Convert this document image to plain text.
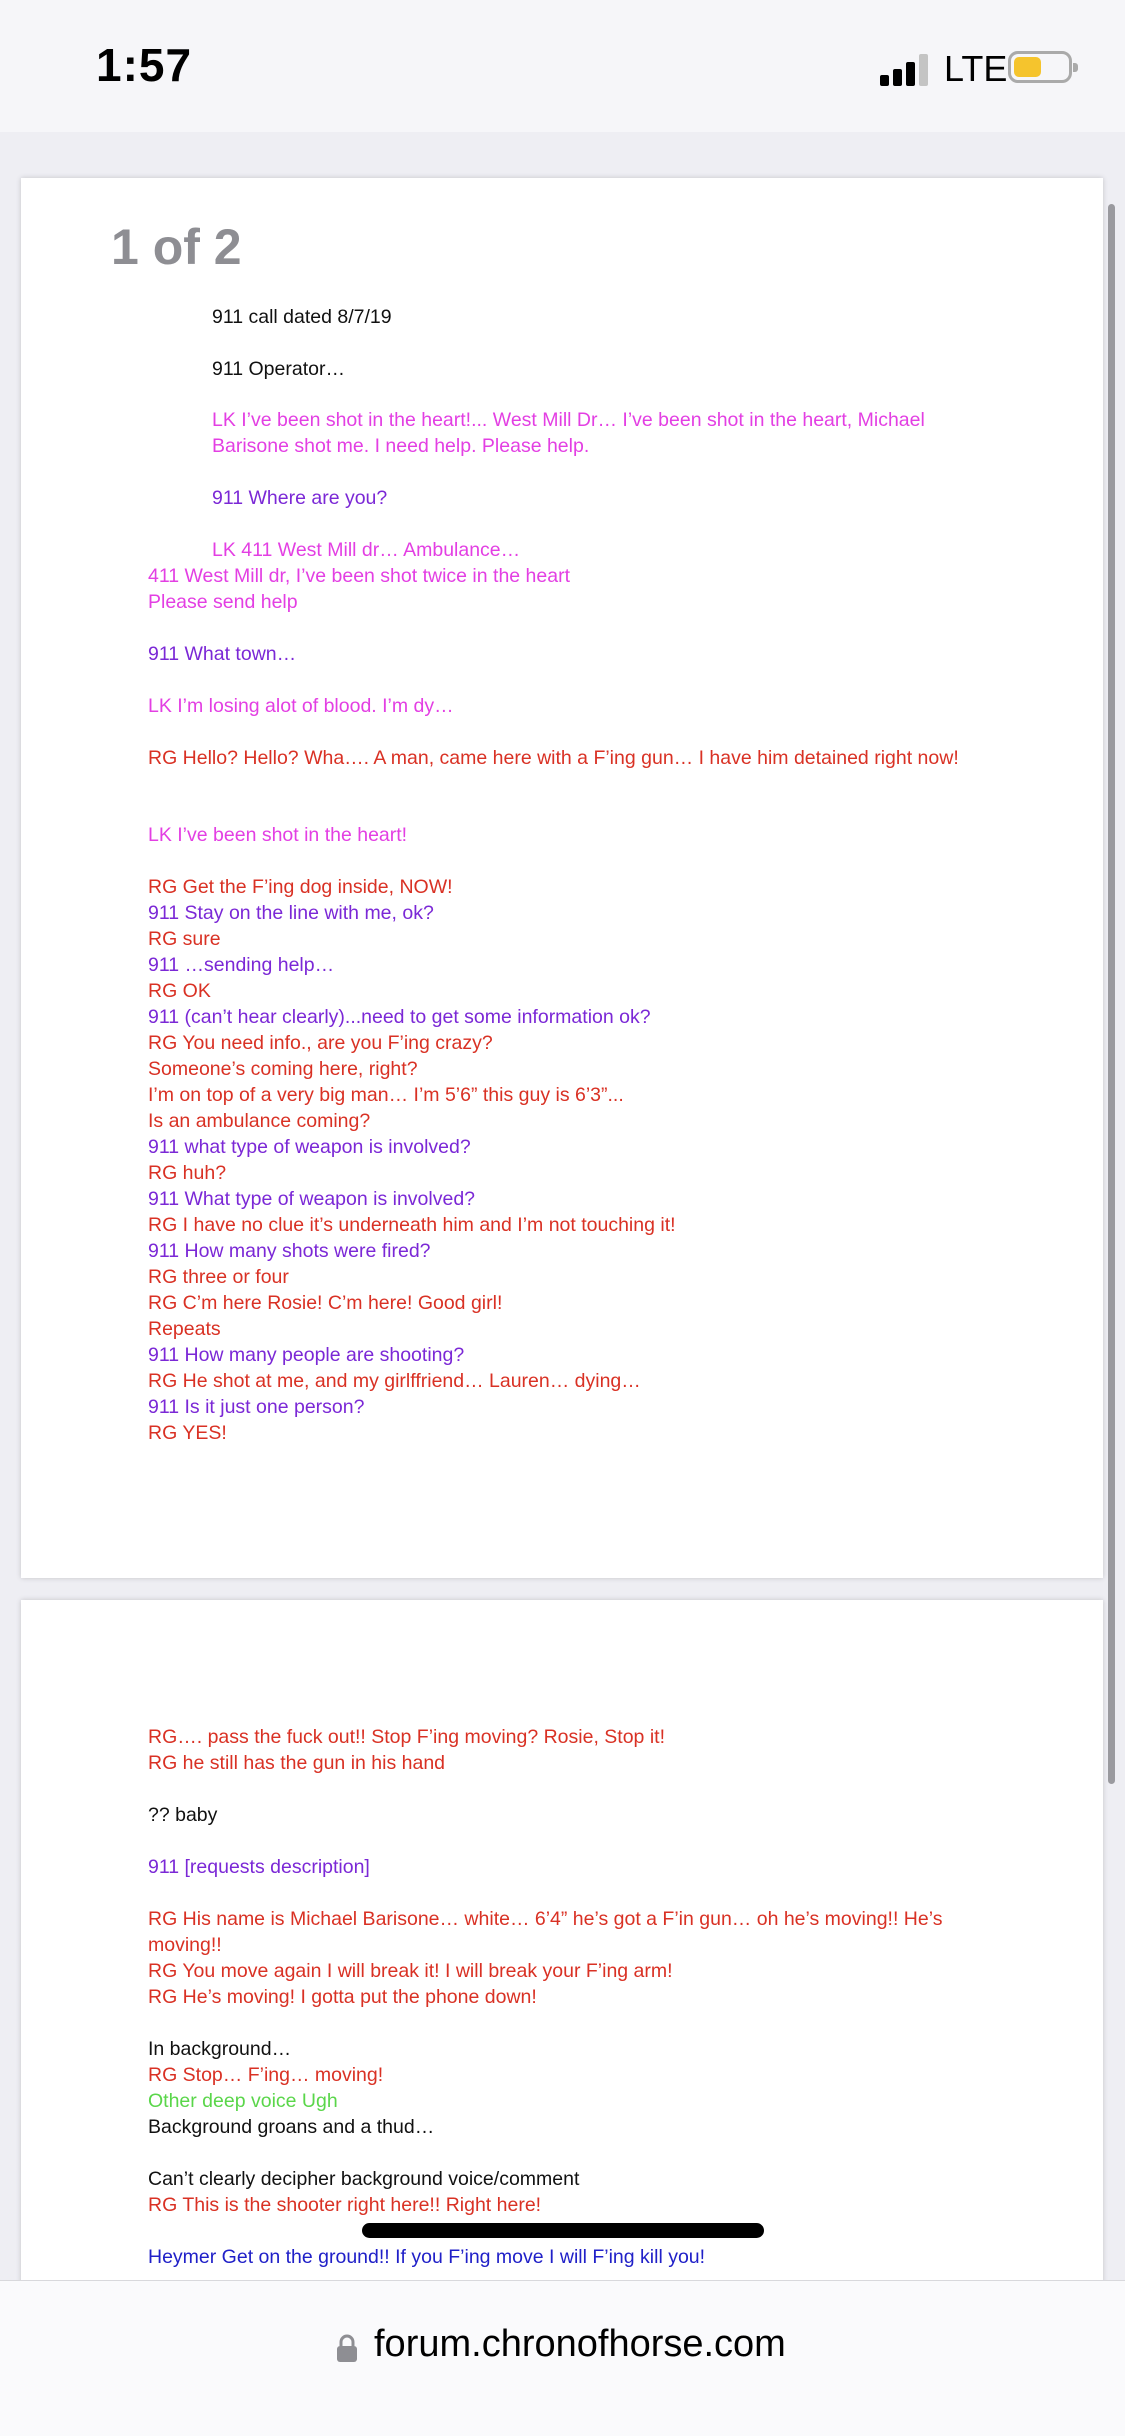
1:57	LTE
1 of 2
911 call dated 8/7/19
911 Operator…
LK I’ve been shot in the heart!... West Mill Dr… I’ve been shot in the heart, Michael Barisone shot me. I need help. Please help.
911 Where are you?
LK 411 West Mill dr… Ambulance…
411 West Mill dr, I’ve been shot twice in the heart
Please send help
911 What town…
LK I’m losing alot of blood. I’m dy…
RG Hello? Hello? Wha…. A man, came here with a F’ing gun… I have him detained right now!
LK I’ve been shot in the heart!
RG Get the F’ing dog inside, NOW!
911 Stay on the line with me, ok?
RG sure
911 …sending help…
RG OK
911 (can’t hear clearly)...need to get some information ok?
RG You need info., are you F’ing crazy?
Someone’s coming here, right?
I’m on top of a very big man… I’m 5’6” this guy is 6’3”...
Is an ambulance coming?
911 what type of weapon is involved?
RG huh?
911 What type of weapon is involved?
RG I have no clue it’s underneath him and I’m not touching it!
911 How many shots were fired?
RG three or four
RG C’m here Rosie! C’m here! Good girl!
Repeats
911 How many people are shooting?
RG He shot at me, and my girlffriend… Lauren… dying…
911 Is it just one person?
RG YES!
RG…. pass the fuck out!! Stop F’ing moving? Rosie, Stop it!
RG he still has the gun in his hand
?? baby
911 [requests description]
RG His name is Michael Barisone… white… 6’4” he’s got a F’in gun… oh he’s moving!! He’s moving!!
RG You move again I will break it! I will break your F’ing arm!
RG He’s moving! I gotta put the phone down!
In background…
RG Stop… F’ing… moving!
Other deep voice Ugh
Background groans and a thud…
Can’t clearly decipher background voice/comment
RG This is the shooter right here!! Right here!
Heymer Get on the ground!! If you F’ing move I will F’ing kill you!
forum.chronofhorse.com
